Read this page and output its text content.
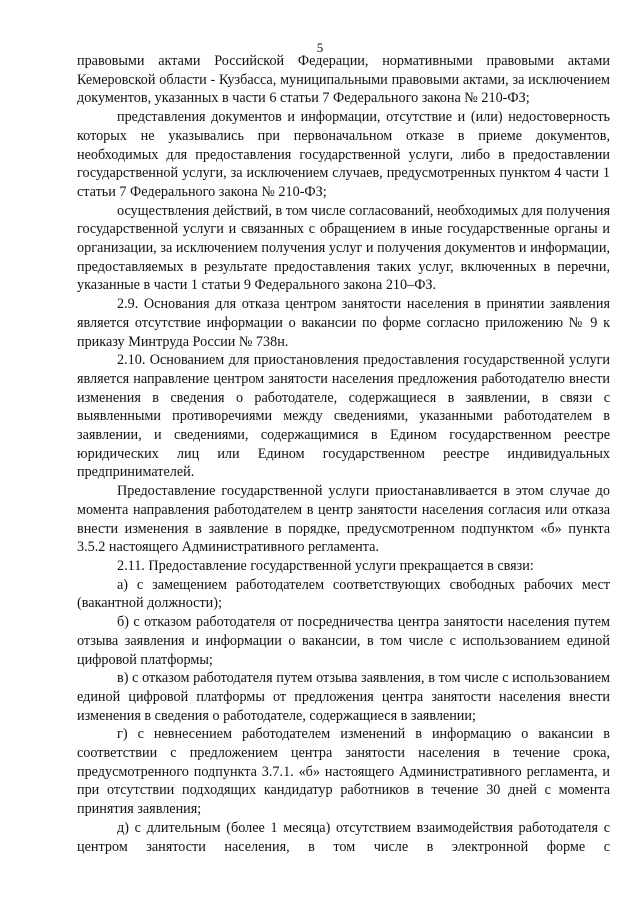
5

правовыми актами Российской Федерации, нормативными правовыми актами Кемеровской области - Кузбасса, муниципальными правовыми актами, за исключением документов, указанных в части 6 статьи 7 Федерального закона № 210-ФЗ;

представления документов и информации, отсутствие и (или) недостоверность которых не указывались при первоначальном отказе в приеме документов, необходимых для предоставления государственной услуги, либо в предоставлении государственной услуги, за исключением случаев, предусмотренных пунктом 4 части 1 статьи 7 Федерального закона № 210-ФЗ;

осуществления действий, в том числе согласований, необходимых для получения государственной услуги и связанных с обращением в иные государственные органы и организации, за исключением получения услуг и получения документов и информации, предоставляемых в результате предоставления таких услуг, включенных в перечни, указанные в части 1 статьи 9 Федерального закона 210–ФЗ.

2.9. Основания для отказа центром занятости населения в принятии заявления является отсутствие информации о вакансии по форме согласно приложению № 9 к приказу Минтруда России № 738н.

2.10. Основанием для приостановления предоставления государственной услуги является направление центром занятости населения предложения работодателю внести изменения в сведения о работодателе, содержащиеся в заявлении, в связи с выявленными противоречиями между сведениями, указанными работодателем в заявлении, и сведениями, содержащимися в Едином государственном реестре юридических лиц или Едином государственном реестре индивидуальных предпринимателей.

Предоставление государственной услуги приостанавливается в этом случае до момента направления работодателем в центр занятости населения согласия или отказа внести изменения в заявление в порядке, предусмотренном подпунктом «б» пункта 3.5.2 настоящего Административного регламента.

2.11. Предоставление государственной услуги прекращается в связи:

а) с замещением работодателем соответствующих свободных рабочих мест (вакантной должности);

б) с отказом работодателя от посредничества центра занятости населения путем отзыва заявления и информации о вакансии, в том числе с использованием единой цифровой платформы;

в) с отказом работодателя путем отзыва заявления, в том числе с использованием единой цифровой платформы от предложения центра занятости населения внести изменения в сведения о работодателе, содержащиеся в заявлении;

г) с невнесением работодателем изменений в информацию о вакансии в соответствии с предложением центра занятости населения в течение срока, предусмотренного подпункта 3.7.1. «б» настоящего Административного регламента, и при отсутствии подходящих кандидатур работников в течение 30 дней с момента принятия заявления;

д) с длительным (более 1 месяца) отсутствием взаимодействия работодателя с центром занятости населения, в том числе в электронной форме с
